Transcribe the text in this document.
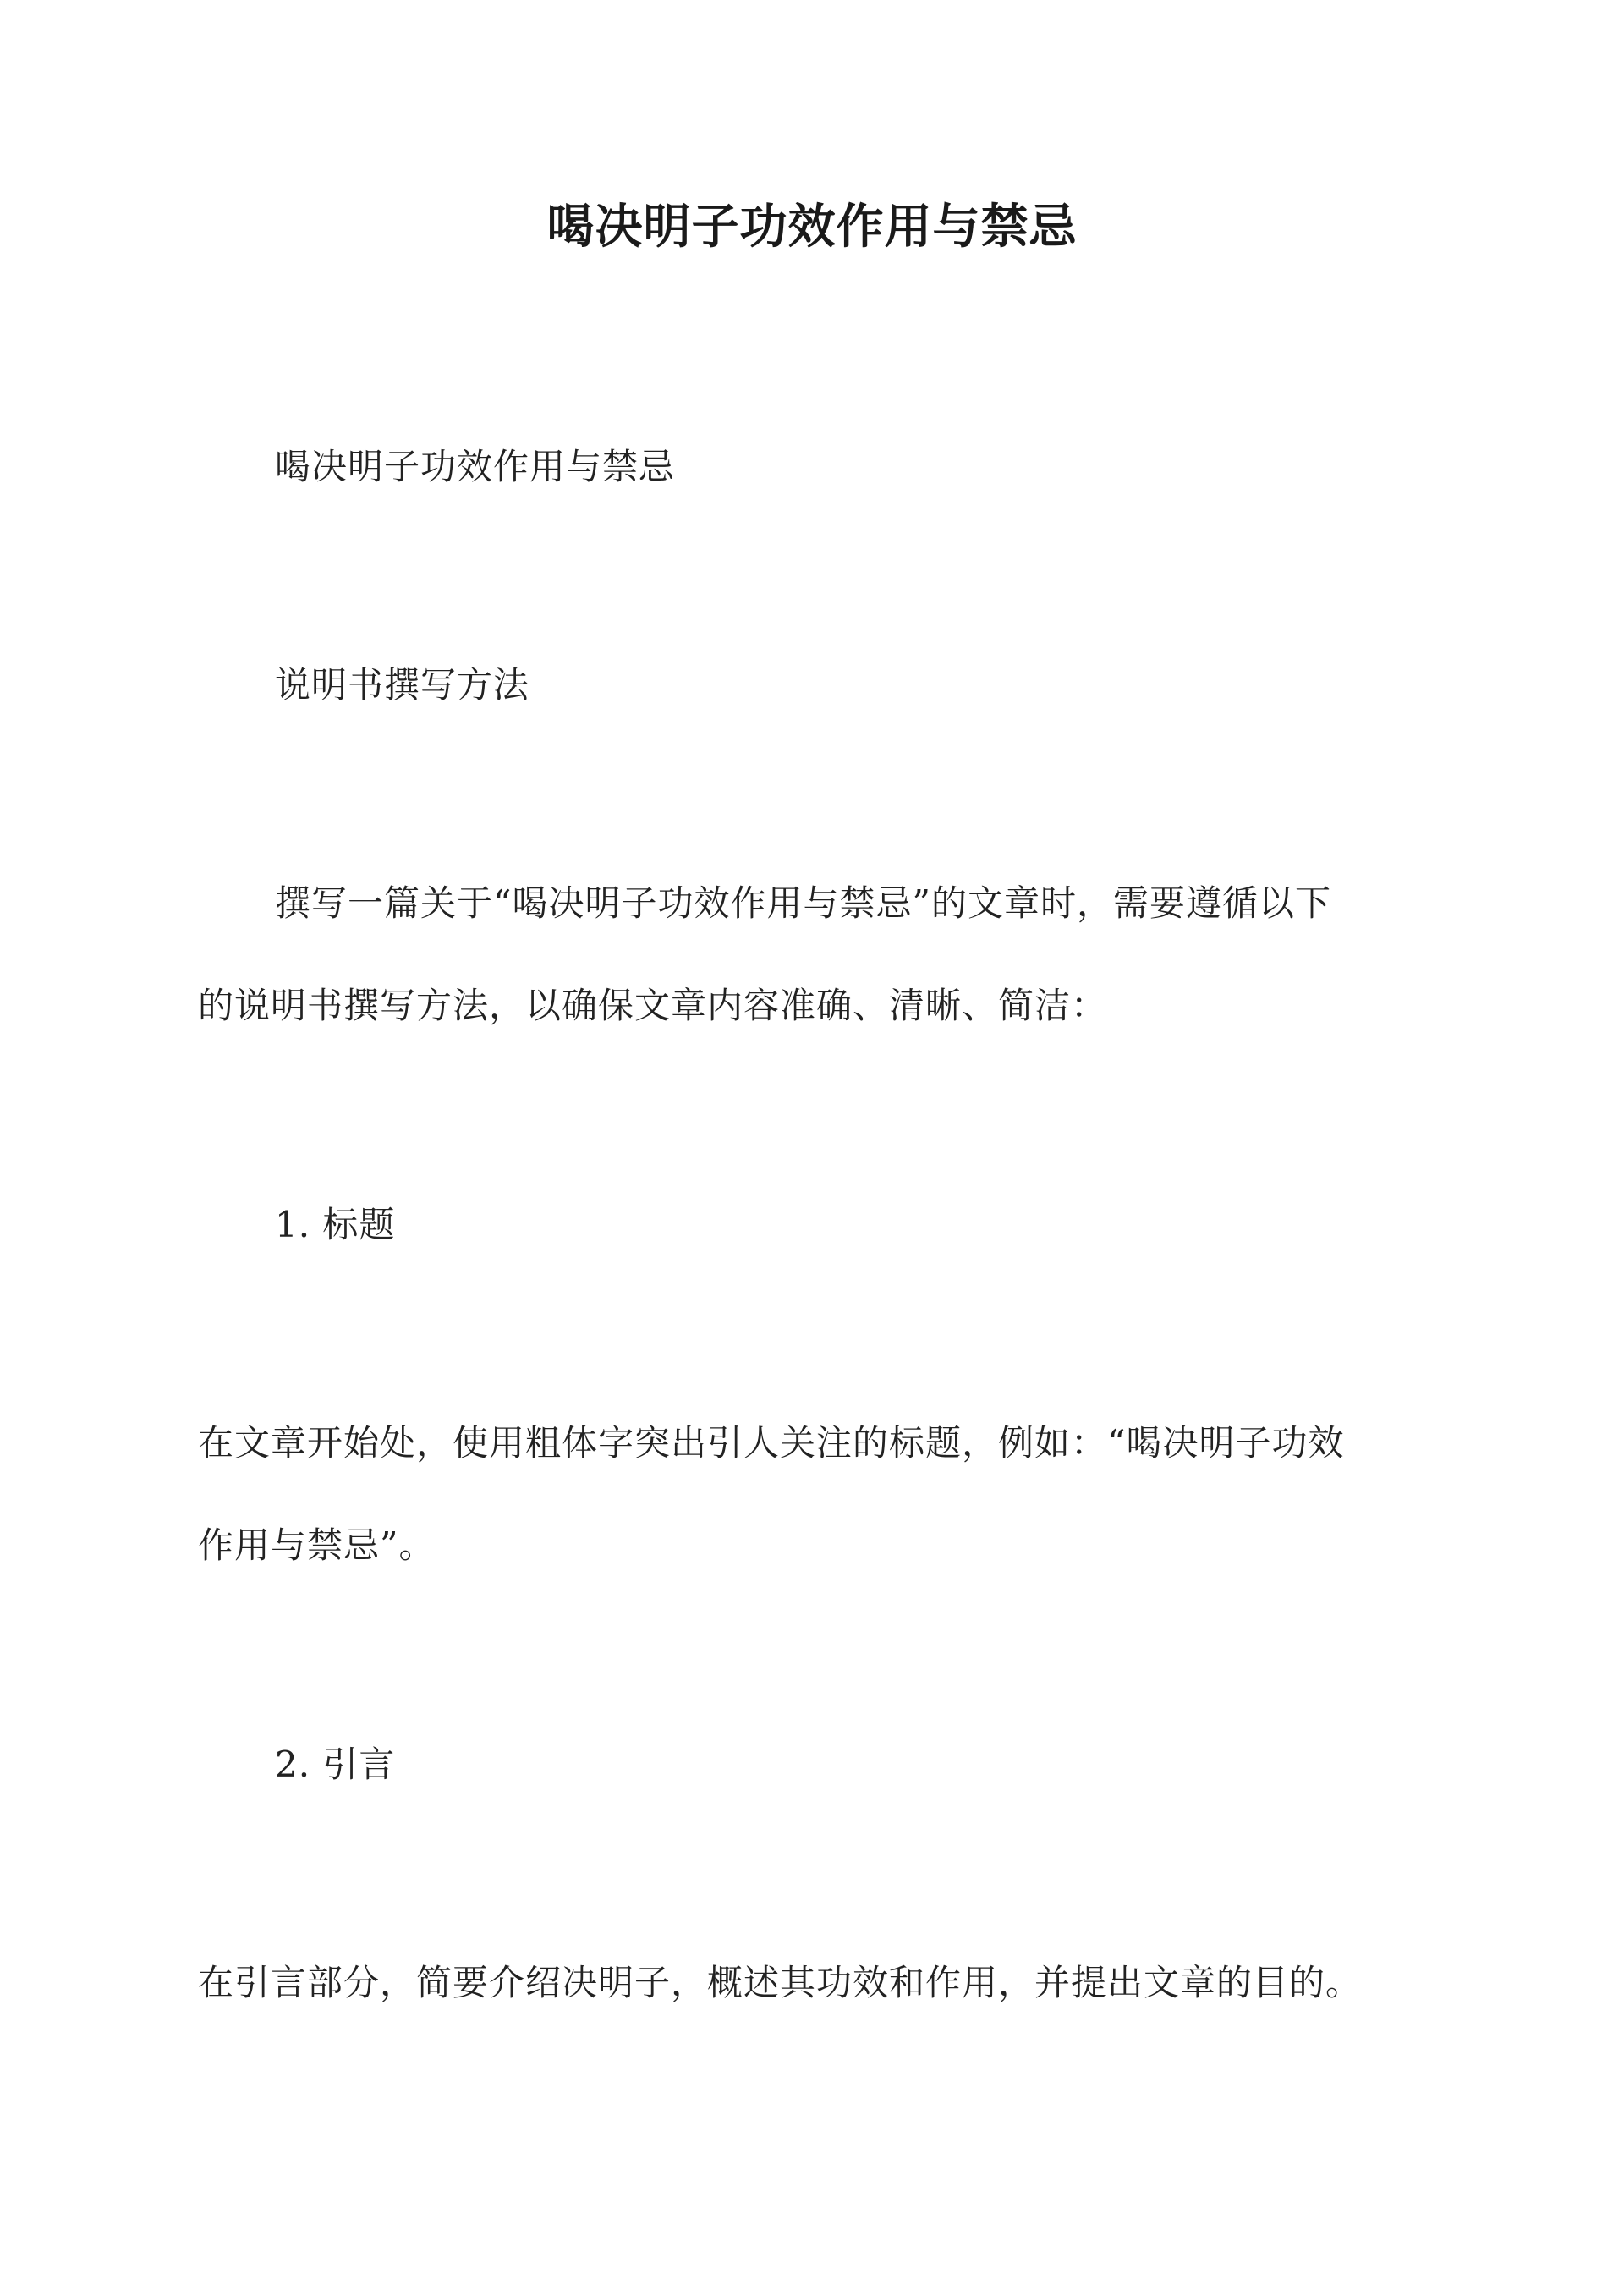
喝决明子功效作用与禁忌
喝决明子功效作用与禁忌
说明书撰写方法
撰写一篇关于“喝决明子功效作用与禁忌”的文章时，需要遵循以下
的说明书撰写方法，以确保文章内容准确、清晰、简洁：
1. 标题
在文章开始处，使用粗体字突出引人关注的标题，例如：“喝决明子功效
作用与禁忌”。
2. 引言
在引言部分，简要介绍决明子，概述其功效和作用，并提出文章的目的。
